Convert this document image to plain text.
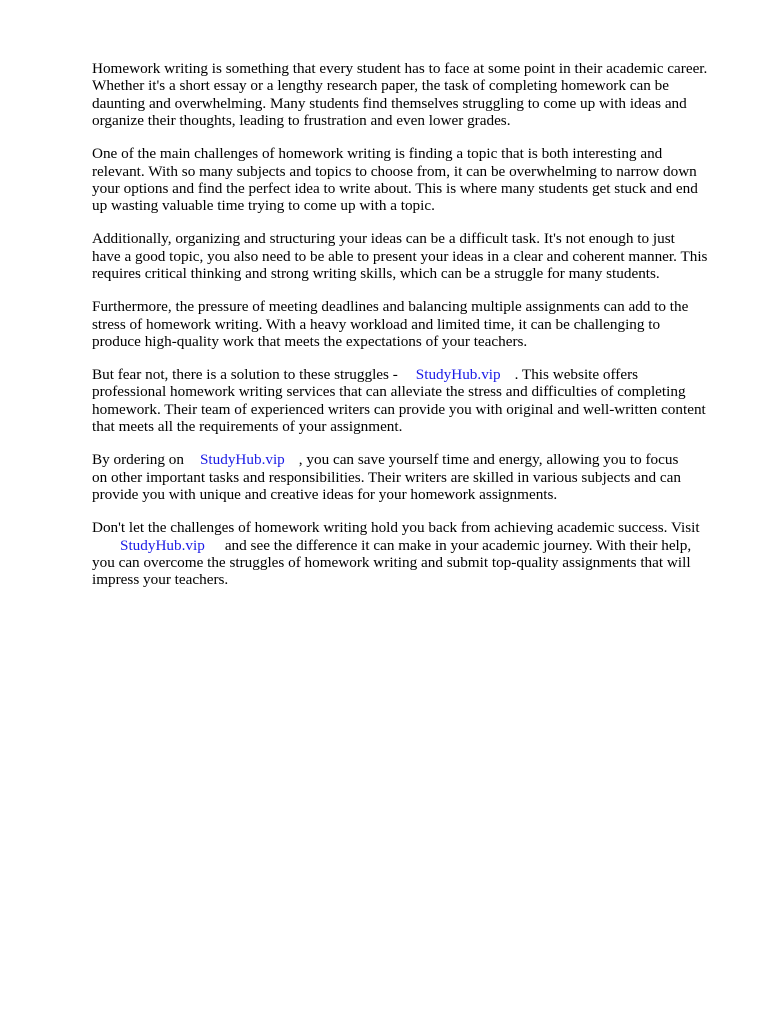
Homework writing is something that every student has to face at some point in their academic career.
Whether it's a short essay or a lengthy research paper, the task of completing homework can be
daunting and overwhelming. Many students find themselves struggling to come up with ideas and
organize their thoughts, leading to frustration and even lower grades.

One of the main challenges of homework writing is finding a topic that is both interesting and
relevant. With so many subjects and topics to choose from, it can be overwhelming to narrow down
your options and find the perfect idea to write about. This is where many students get stuck and end
up wasting valuable time trying to come up with a topic.

Additionally, organizing and structuring your ideas can be a difficult task. It's not enough to just
have a good topic, you also need to be able to present your ideas in a clear and coherent manner. This
requires critical thinking and strong writing skills, which can be a struggle for many students.

Furthermore, the pressure of meeting deadlines and balancing multiple assignments can add to the
stress of homework writing. With a heavy workload and limited time, it can be challenging to
produce high-quality work that meets the expectations of your teachers.

But fear not, there is a solution to these struggles - StudyHub.vip . This website offers
professional homework writing services that can alleviate the stress and difficulties of completing
homework. Their team of experienced writers can provide you with original and well-written content
that meets all the requirements of your assignment.

By ordering on StudyHub.vip , you can save yourself time and energy, allowing you to focus
on other important tasks and responsibilities. Their writers are skilled in various subjects and can
provide you with unique and creative ideas for your homework assignments.

Don't let the challenges of homework writing hold you back from achieving academic success. Visit
StudyHub.vip and see the difference it can make in your academic journey. With their help,
you can overcome the struggles of homework writing and submit top-quality assignments that will
impress your teachers.
